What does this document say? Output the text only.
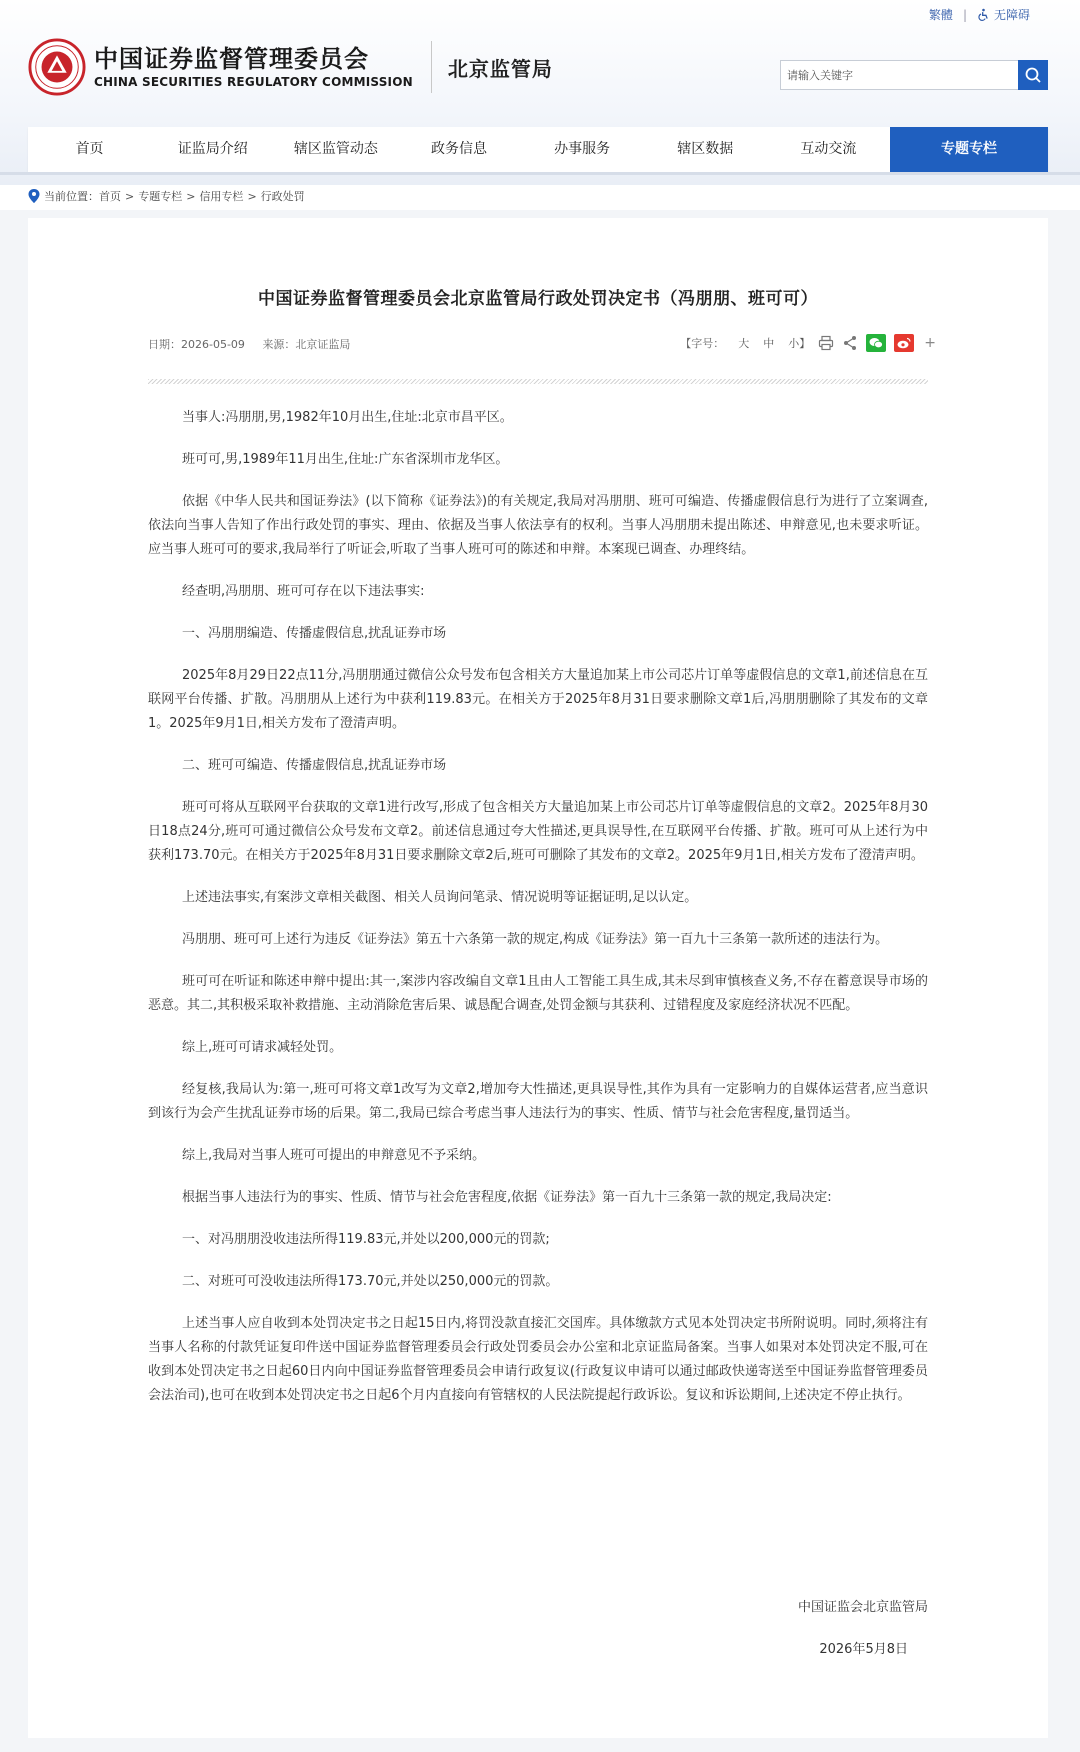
繁體 |	无障碍
中国证券监督管理委员会
CHINA SECURITIES REGULATORY COMMISSION
北京监管局
请输入关键字
首页	证监局介绍	辖区监管动态	政务信息	办事服务	辖区数据	互动交流	专题专栏
当前位置： 首页 > 专题专栏 > 信用专栏 > 行政处罚
中国证券监督管理委员会北京监管局行政处罚决定书（冯朋朋、班可可）
日期：2026-05-09 来源：北京证监局	【字号： 大 中 小】	+

当事人:冯朋朋,男,1982年10月出生,住址:北京市昌平区。

班可可,男,1989年11月出生,住址:广东省深圳市龙华区。

依据《中华人民共和国证券法》(以下简称《证券法》)的有关规定,我局对冯朋朋、班可可编造、传播虚假信息行为进行了立案调查,依法向当事人告知了作出行政处罚的事实、理由、依据及当事人依法享有的权利。当事人冯朋朋未提出陈述、申辩意见,也未要求听证。应当事人班可可的要求,我局举行了听证会,听取了当事人班可可的陈述和申辩。本案现已调查、办理终结。

经查明,冯朋朋、班可可存在以下违法事实:

一、冯朋朋编造、传播虚假信息,扰乱证券市场

2025年8月29日22点11分,冯朋朋通过微信公众号发布包含相关方大量追加某上市公司芯片订单等虚假信息的文章1,前述信息在互联网平台传播、扩散。冯朋朋从上述行为中获利119.83元。在相关方于2025年8月31日要求删除文章1后,冯朋朋删除了其发布的文章1。2025年9月1日,相关方发布了澄清声明。

二、班可可编造、传播虚假信息,扰乱证券市场

班可可将从互联网平台获取的文章1进行改写,形成了包含相关方大量追加某上市公司芯片订单等虚假信息的文章2。2025年8月30日18点24分,班可可通过微信公众号发布文章2。前述信息通过夸大性描述,更具误导性,在互联网平台传播、扩散。班可可从上述行为中获利173.70元。在相关方于2025年8月31日要求删除文章2后,班可可删除了其发布的文章2。2025年9月1日,相关方发布了澄清声明。

上述违法事实,有案涉文章相关截图、相关人员询问笔录、情况说明等证据证明,足以认定。

冯朋朋、班可可上述行为违反《证券法》第五十六条第一款的规定,构成《证券法》第一百九十三条第一款所述的违法行为。

班可可在听证和陈述申辩中提出:其一,案涉内容改编自文章1且由人工智能工具生成,其未尽到审慎核查义务,不存在蓄意误导市场的恶意。其二,其积极采取补救措施、主动消除危害后果、诚恳配合调查,处罚金额与其获利、过错程度及家庭经济状况不匹配。

综上,班可可请求减轻处罚。

经复核,我局认为:第一,班可可将文章1改写为文章2,增加夸大性描述,更具误导性,其作为具有一定影响力的自媒体运营者,应当意识到该行为会产生扰乱证券市场的后果。第二,我局已综合考虑当事人违法行为的事实、性质、情节与社会危害程度,量罚适当。

综上,我局对当事人班可可提出的申辩意见不予采纳。

根据当事人违法行为的事实、性质、情节与社会危害程度,依据《证券法》第一百九十三条第一款的规定,我局决定:

一、对冯朋朋没收违法所得119.83元,并处以200,000元的罚款;

二、对班可可没收违法所得173.70元,并处以250,000元的罚款。

上述当事人应自收到本处罚决定书之日起15日内,将罚没款直接汇交国库。具体缴款方式见本处罚决定书所附说明。同时,须将注有当事人名称的付款凭证复印件送中国证券监督管理委员会行政处罚委员会办公室和北京证监局备案。当事人如果对本处罚决定不服,可在收到本处罚决定书之日起60日内向中国证券监督管理委员会申请行政复议(行政复议申请可以通过邮政快递寄送至中国证券监督管理委员会法治司),也可在收到本处罚决定书之日起6个月内直接向有管辖权的人民法院提起行政诉讼。复议和诉讼期间,上述决定不停止执行。

中国证监会北京监管局
2026年5月8日
